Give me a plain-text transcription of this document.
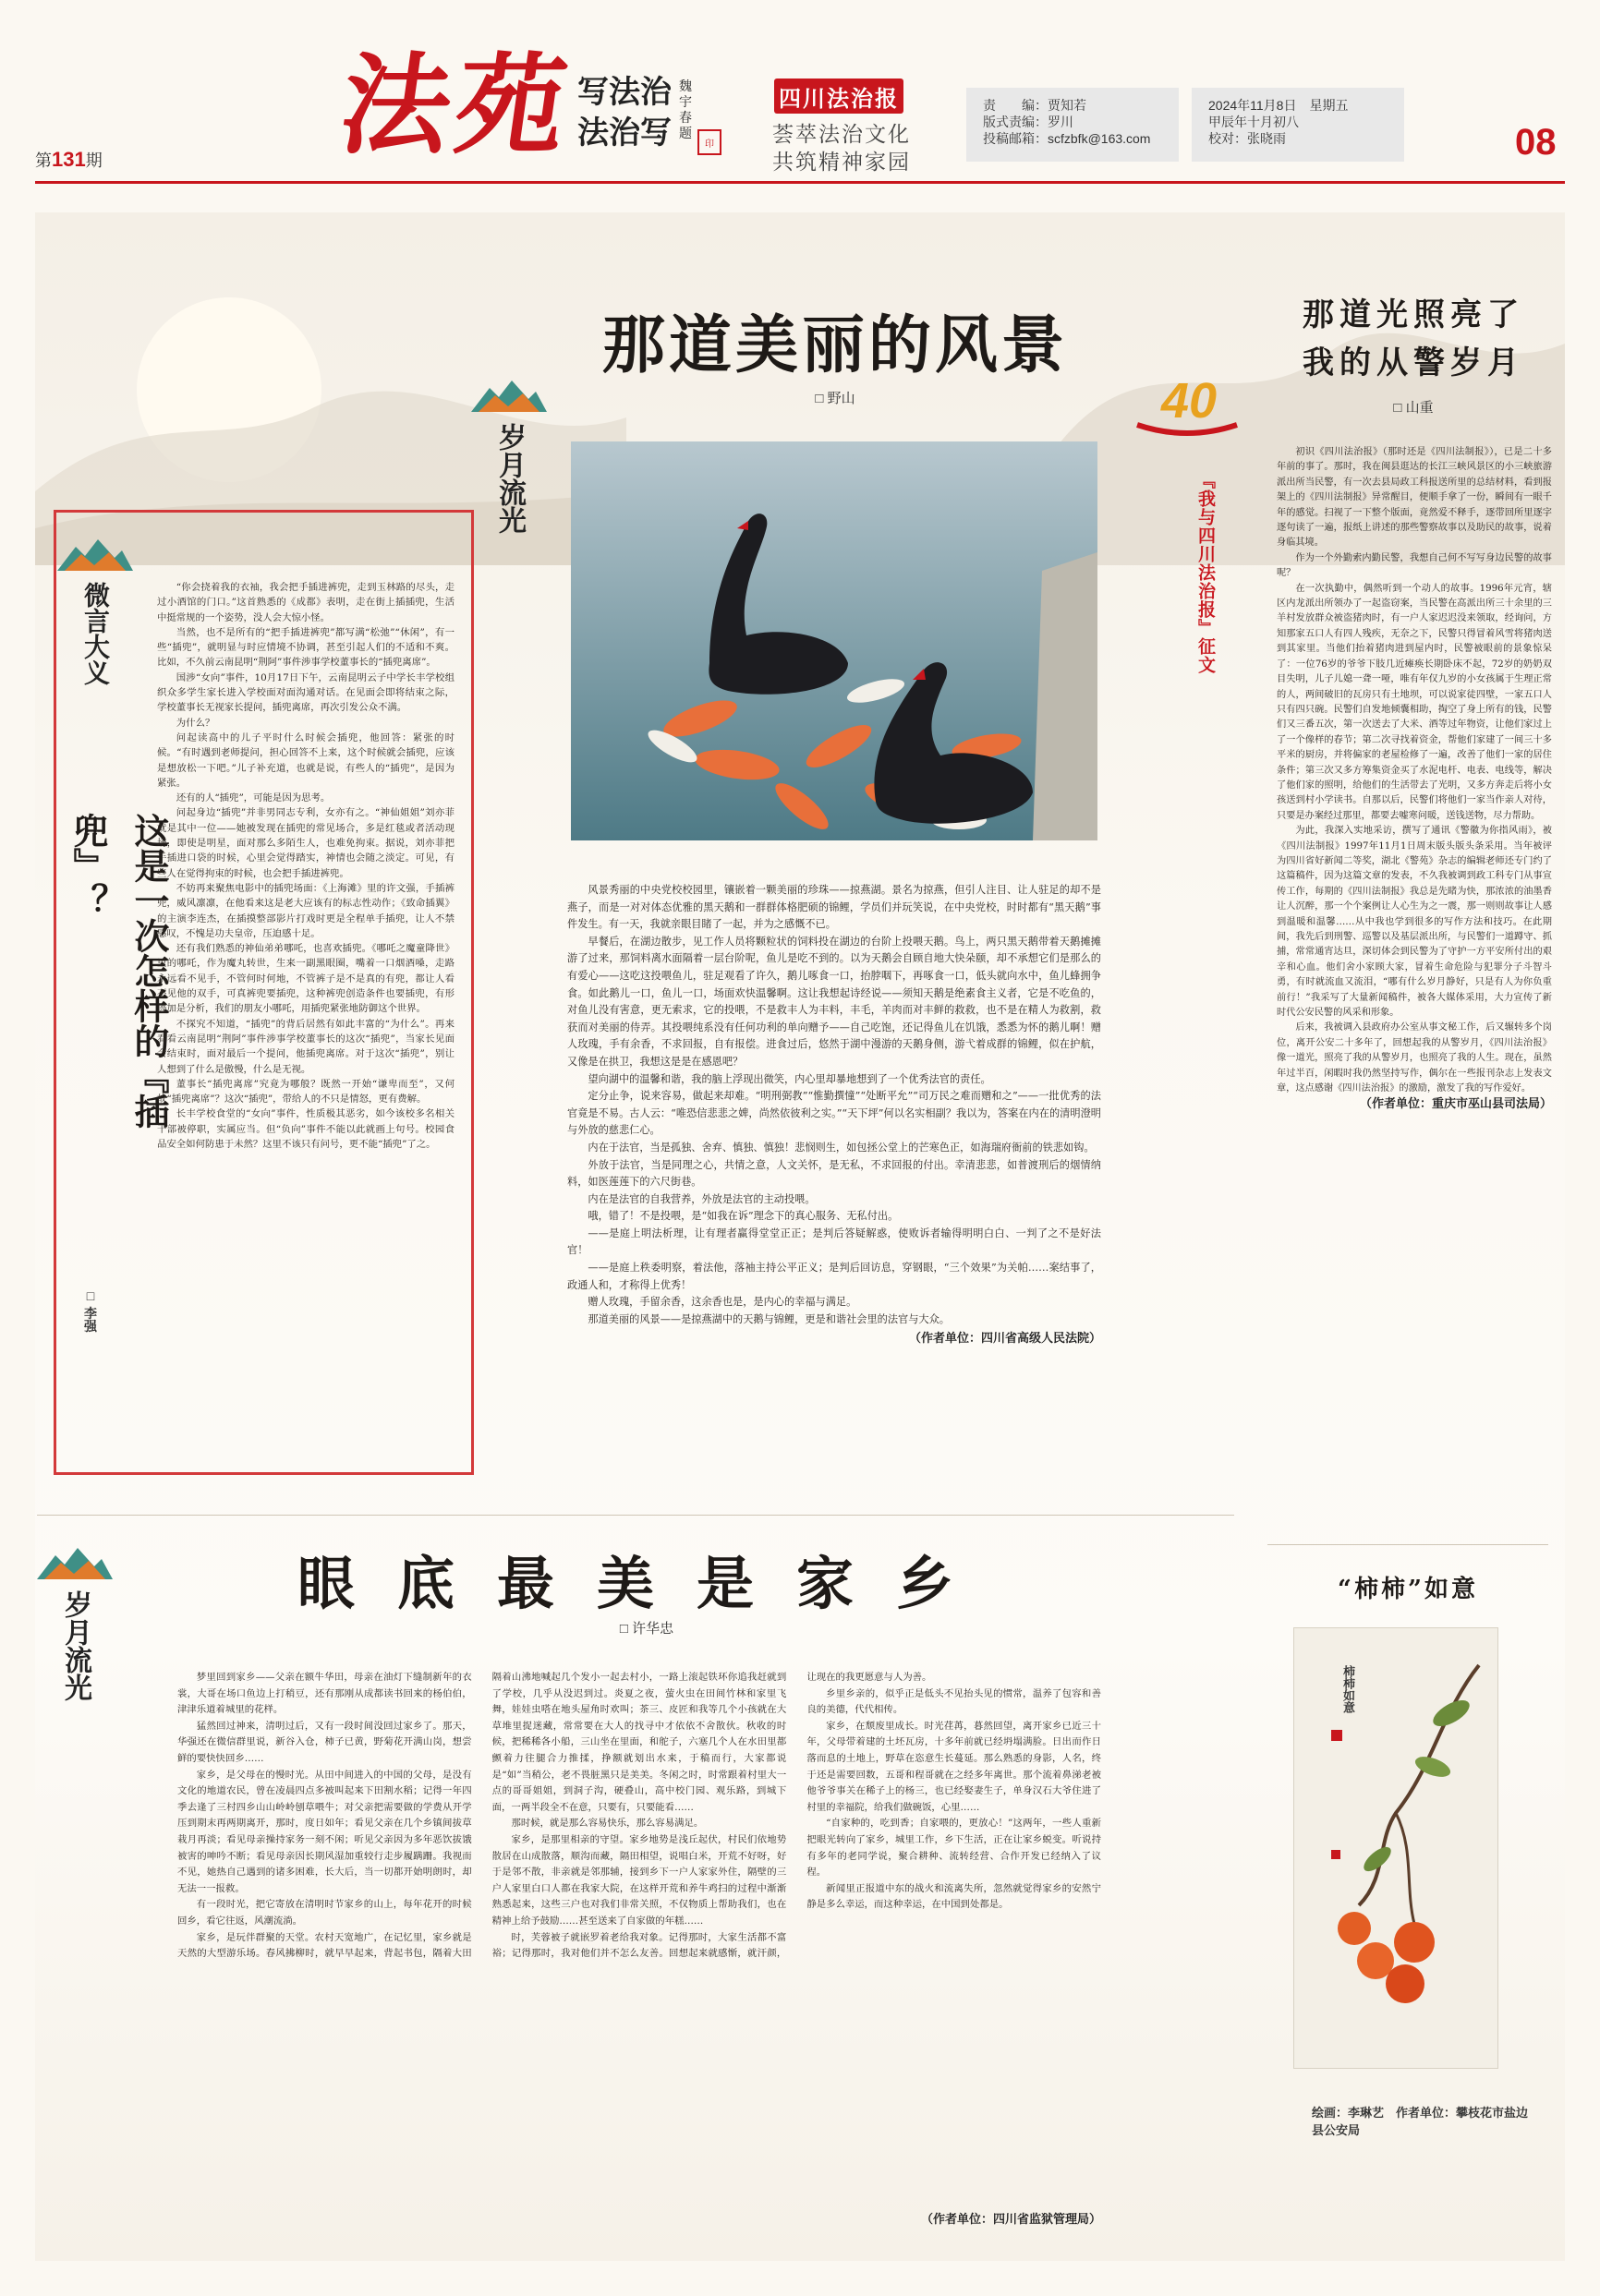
第131期 法苑
写法治
法治写
魏 宇 春 题
印
四川法治报
荟萃法治文化
共筑精神家园
责　　编：贾知若
版式责编：罗川
投稿邮箱：scfzbfk@163.com
2024年11月8日　星期五
甲辰年十月初八
校对：张晓雨	08
岁月流光
岁月流光
微言大义
这是一次怎样的『插兜』？
□ 李强

“你会挠着我的衣袖，我会把手插进裤兜，走到玉林路的尽头，走过小酒馆的门口。”这首熟悉的《成都》表明，走在街上插插兜，生活中挺常规的一个姿势，没人会大惊小怪。

当然，也不是所有的“把手插进裤兜”都写满“松弛”“休闲”，有一些“插兜”，就明显与时应情境不协调，甚至引起人们的不适和不爽。比如，不久前云南昆明“荆阿”事件涉事学校董事长的“插兜离席”。

国涉“女向”事件，10月17日下午，云南昆明云子中学长丰学校组织众多学生家长进入学校面对面沟通对话。在见面会即将结束之际，学校董事长无视家长提问，插兜离席，再次引发公众不满。

为什么？

问起读高中的儿子平时什么时候会插兜，他回答：紧张的时候。“有时遇到老师提问，担心回答不上来，这个时候就会插兜，应该是想放松一下吧。”儿子补充道，也就是说，有些人的“插兜”，是因为紧张。

还有的人“插兜”，可能是因为思考。

问起身边“插兜”并非男同志专利，女亦有之。“神仙姐姐”刘亦菲就是其中一位——她被发现在插兜的常见场合，多是红毯或者活动现场，即使是明星，面对那么多陌生人，也难免拘束。据说，刘亦菲把手插进口袋的时候，心里会觉得踏实，神情也会随之淡定。可见，有些人在觉得拘束的时候，也会把手插进裤兜。

不妨再来聚焦电影中的插兜场面：《上海滩》里的许文强，手插裤兜，威风凛凛，在他看来这是老大应该有的标志性动作；《致命插翼》的主演李连杰，在插摸整部影片打戏时更是全程单手插兜，让人不禁感叹，不愧是功夫皇帝，压迫感十足。

还有我们熟悉的神仙弟弟哪吒，也喜欢插兜。《哪吒之魔童降世》里的哪吒，作为魔丸转世，生来一副黑眼圈，嘴着一口烟酒嗓，走路永远看不见手，不管何时何地，不管裤子是不是真的有兜，都让人看不见他的双手，可真裤兜要插兜，这种裤兜创造条件也要插兜，有形迹加是分析，我们的朋友小哪吒，用插兜紧张地防御这个世界。

不探究不知道，“插兜”的背后居然有如此丰富的“为什么”。再来看看云南昆明“荆阿”事件涉事学校董事长的这次“插兜”，当家长见面会结束时，面对最后一个提问，他插兜离席。对于这次“插兜”，别让人想到了什么是傲慢，什么是无视。

董事长“插兜离席”究竟为哪般？既然一开始“谦卑而至”，又何故“插兜离席”？这次“插兜”，带给人的不只是情怒，更有费解。

长丰学校食堂的“女向”事件，性质极其恶劣，如今该校多名相关干部被停职，实属应当。但“负向”事件不能以此就画上句号。校园食品安全如何防患于未然？这里不该只有问号，更不能“插兜”了之。

那道美丽的风景
□ 野山

风景秀丽的中央党校校园里，镶嵌着一颗美丽的珍珠——掠燕湖。景名为掠燕，但引人注目、让人驻足的却不是燕子，而是一对对体态优雅的黑天鹅和一群群体格肥硕的锦鲤，学员们并玩笑说，在中央党校，时时都有“黑天鹅”事件发生。有一天，我就亲眼目睹了一起，并为之感慨不已。

早餐后，在湖边散步，见工作人员将颗粒状的饲料投在湖边的台阶上投喂天鹅。鸟上，两只黑天鹅带着天鹅摊摊游了过来，那饲料离水面隔着一层台阶呢，鱼儿是吃不到的。以为天鹅会自顾自地大快朵颐，却不承想它们是那么的有爱心——这吃这投喂鱼儿，驻足观看了许久，鹅儿啄食一口，抬脖咽下，再啄食一口，低头就向水中，鱼儿蜂拥争食。如此鹅儿一口，鱼儿一口，场面欢快温馨啊。这让我想起诗经说——须知天鹅是绝素食主义者，它是不吃鱼的，对鱼儿没有害意，更无索求，它的投喂，不是救丰人为丰料，丰毛，羊肉而对丰鲜的救救，也不是在精人为救割，救获而对美丽的侍弄。其投喂纯系没有任何功利的单向赠予——自己吃饱，还记得鱼儿在饥饿，悉悉为怀的鹅儿啊！赠人玫瑰，手有余香，不求回报，自有报偿。进食过后，悠然于湖中漫游的天鹅身侧，游弋着成群的锦鲤，似在护航，又像是在拱卫，我想这是是在感恩吧？

望向湖中的温馨和谐，我的脑上浮现出微笑，内心里却暴地想到了一个优秀法官的责任。

定分止争，说来容易，做起来却难。“明刑弼教”“惟勤撰憧”“处断平允”“司万民之难而赠和之”——一批优秀的法官竟是不易。古人云：“唯恐信悲悲之婢，尚然依彼利之实。”“天下坪”何以名实相副？我以为，答案在内在的清明澄明与外放的慈悲仁心。

内在于法官，当是孤独、舍弃、慎独、慎独！悲悯则生，如包拯公堂上的芒寒色正，如海瑞府衙前的铁悲如钩。

外放于法官，当是同理之心，共情之意，人文关怀，是无私，不求回报的付出。幸清悲悲，如普渡刑后的烟情纳料，如医莲莲下的六尺街巷。

内在是法官的自我营养，外放是法官的主动投喂。

哦，错了！不是投喂，是“如我在诉”理念下的真心服务、无私付出。

——是庭上明法析理，让有理者赢得堂堂正正；是判后答疑解惑，使败诉者输得明明白白、一判了之不是好法官！

——是庭上秩委明察，着法他，落袖主持公平正义；是判后回访息，穿钢眼，“三个效果”为关帕……案结事了，政通人和，才称得上优秀！

赠人玫瑰，手留余香，这余香也是，是内心的幸福与满足。

那道美丽的风景——是掠燕湖中的天鹅与锦鲤，更是和谐社会里的法官与大众。

（作者单位：四川省高级人民法院）
40
『我与四川法治报』征文
那道光照亮了
我的从警岁月
□ 山重

初识《四川法治报》（那时还是《四川法制报》），已是二十多年前的事了。那时，我在闽县逛达的长江三峡风景区的小三峡旅游派出所当民警，有一次去县局政工科报送所里的总结材料，看到报架上的《四川法制报》异常醒目，便顺手拿了一份，瞬间有一眼千年的感觉。扫视了一下整个版面，竟然爱不释手，逐带回所里逐字逐句读了一遍，报纸上讲述的那些警察故事以及助民的故事，说着身临其境。

作为一个外勤索内勤民警，我想自己何不写写身边民警的故事呢？

在一次执勤中，偶然听到一个动人的故事。1996年元宵，辖区内龙派出所领办了一起盗窃案，当民警在高派出所三十余里的三羊村发放群众被盗猪肉时，有一户人家迟迟没来领取，经询问，方知那家五口人有四人残疾，无奈之下，民警只得冒着风雪将猪肉送到其家里。当他们抬着猪肉进到屋内时，民警被眼前的景象惊呆了：一位76岁的爷爷下肢几近瘫痪长期卧床不起，72岁的奶奶双目失明，儿子儿媳一聋一哑，唯有年仅九岁的小女孩属于生理正常的人，两间破旧的瓦房只有土地坝，可以说家徒四壁，一家五口人只有四只碗。民警们自发地倾囊相助，掏空了身上所有的钱，民警们又三番五次，第一次送去了大米、酒等过年物资，让他们家过上了一个像样的春节；第二次寻找着资金，帮他们家建了一间三十多平米的厨房，并将偏家的老屋检修了一遍，改善了他们一家的居住条件；第三次又多方筹集资金买了水泥电杆、电表、电线等，解决了他们家的照明，给他们的生活带去了光明，又多方奔走后将小女孩送到村小学读书。自那以后，民警们将他们一家当作亲人对待，只要是办案经过那里，都要去嘘寒问暖，送钱送物，尽力帮助。

为此，我深入实地采访，撰写了通讯《警徽为你指风雨》，被《四川法制报》1997年11月1日周末版头版头条采用。当年被评为四川省好新闻二等奖，湖北《警苑》杂志的编辑老师还专门约了这篇稿件，因为这篇文章的发表，不久我被调到政工科专门从事宣传工作，每期的《四川法制报》我总是先睹为快，那浓浓的油墨香让人沉醉，那一个个案例让人心生为之一震，那一则则故事让人感到温暖和温馨……从中我也学到很多的写作方法和技巧。在此期间，我先后到刑警、巡警以及基层派出所，与民警们一道蹲守、抓捕，常常通宵达旦，深切体会到民警为了守护一方平安所付出的艰辛和心血。他们舍小家顾大家，冒着生命危险与犯罪分子斗智斗勇，有时就流血又流泪，“哪有什么岁月静好，只是有人为你负重前行！”我采写了大量新闻稿件，被各大媒体采用，大力宣传了新时代公安民警的风采和形象。

后来，我被调入县政府办公室从事文秘工作，后又辗转多个岗位，离开公安二十多年了，回想起我的从警岁月，《四川法治报》像一道光，照亮了我的从警岁月，也照亮了我的人生。现在，虽然年过半百，闲暇时我仍然坚持写作，偶尔在一些报刊杂志上发表文章，这点感谢《四川法治报》的激励，激发了我的写作爱好。

（作者单位：重庆市巫山县司法局）
眼底最美是家乡
□ 许华忠

梦里回到家乡——父亲在额牛华田，母亲在油灯下缝制新年的衣裳，大哥在场口鱼边上打稍豆，还有那刚从成都读书回来的杨伯伯，津津乐道着城里的花样。

猛然回过神来，清明过后，又有一段时间没回过家乡了。那天，华强还在微信群里说，新谷入仓，柿子已黄，野菊花开满山岗，想尝鲜的要快快回乡……

家乡，是父母在的慢时光。从田中间进入的中国的父母，是没有文化的地道农民，曾在凌晨四点多被叫起来下田割水稻；记得一年四季去逢了三村四乡山山岭岭刨草喂牛；对父亲把需要做的学费从开学压到期末再两期离开，那时，度日如年；看见父亲在几个乡镇间拔草栽月再淡；看见母亲操持家务一刻不闲；听见父亲因为多年恶饮拔饿被害的呻吟不断；看见母亲因长期风湿加重较行走步履蹒跚。我视而不见，她热自己遇到的诸多困难，长大后，当一切都开始明朗时，却无法一一报救。

有一段时光，把它寄放在清明时节家乡的山上，每年花开的时候回乡，看它往返，风潮流淌。

家乡，是玩伴群聚的天堂。农村天宽地广，在记忆里，家乡就是天然的大型游乐场。春风拂柳时，就早早起来，背起书包，隔着大田隔着山沸地喊起几个发小一起去村小，一路上滚起铁环你追我赶就到了学校，几乎从没迟到过。炎夏之夜，萤火虫在田间竹林和家里飞舞，娃娃虫嗒在地头屋角时欢叫；茶三、皮匠和我等几个小孩就在大草堆里捉迷藏，常常要在大人的找寻中才依依不舍散伙。秋收的时候，把稀稀各小船，三山坐在里面，和舵子，六塞几个人在水田里都颤着力往腿合力推揉，挣额就划出水来，于稿而行，大家都说是“如”当稍公，老不畏脏黑只是美美。冬闲之时，时常跟着村里大一点的哥哥姐姐，到洞子沟，硬叠山，高中校门园、观乐路，到城下面，一两半段全不在意，只要有，只要能看……

那时候，就是那么容易快乐，那么容易满足。

家乡，是那里相亲的守望。家乡地势是浅丘起伏，村民们依地势散居在山成散落，顺沟而藏，隔田相望，说唱白米，开荒不好呀，好于是邻不散，非亲就是邻那辅，接到乡下一户人家家外住，隔壁的三户人家里白口人都在我家大院，在这样开荒和养牛鸡扫的过程中渐渐熟悉起来，这些三户也对我们非常关照，不仅物质上帮助我们，也在精神上给予鼓励……甚至送来了自家做的年糕……

时，芙蓉被子就嵌罗着老给我对象。记得那时，大家生活都不富裕；记得那时，我对他们并不怎么友善。回想起来就感惭，就汗颜，让现在的我更愿意与人为善。

乡里乡亲的，似乎正是低头不见抬头见的惯常，温养了包容和善良的美德，代代相传。

家乡，在颓废里成长。时光荏苒，暮然回望，离开家乡已近三十年，父母带着建的土坯瓦房，十多年前就已经坍塌满脸。日出而作日落而息的土地上，野草在恣意生长蔓延。那么熟悉的身影，人名，终于还是需要回数，五哥和程哥就在之经多年离世。那个流着鼻涕老被他爷爷事关在稀子上的杨三，也已经娶妻生子，单身汉石大爷住进了村里的幸福院，给我们做碗饭，心里……

“自家种的，吃到香；自家喂的，更放心！”这两年，一些人重新把眼光转向了家乡，城里工作，乡下生活，正在让家乡蜕变。听说持有多年的老同学说，聚合耕种、流转经营、合作开发已经纳入了议程。

新闻里正报道中东的战火和流离失所，忽然就觉得家乡的安然宁静是多么幸运，而这种幸运，在中国到处都是。

（作者单位：四川省监狱管理局）
“柿柿”如意
柿柿如意
绘画：李琳艺　作者单位：攀枝花市盐边县公安局
